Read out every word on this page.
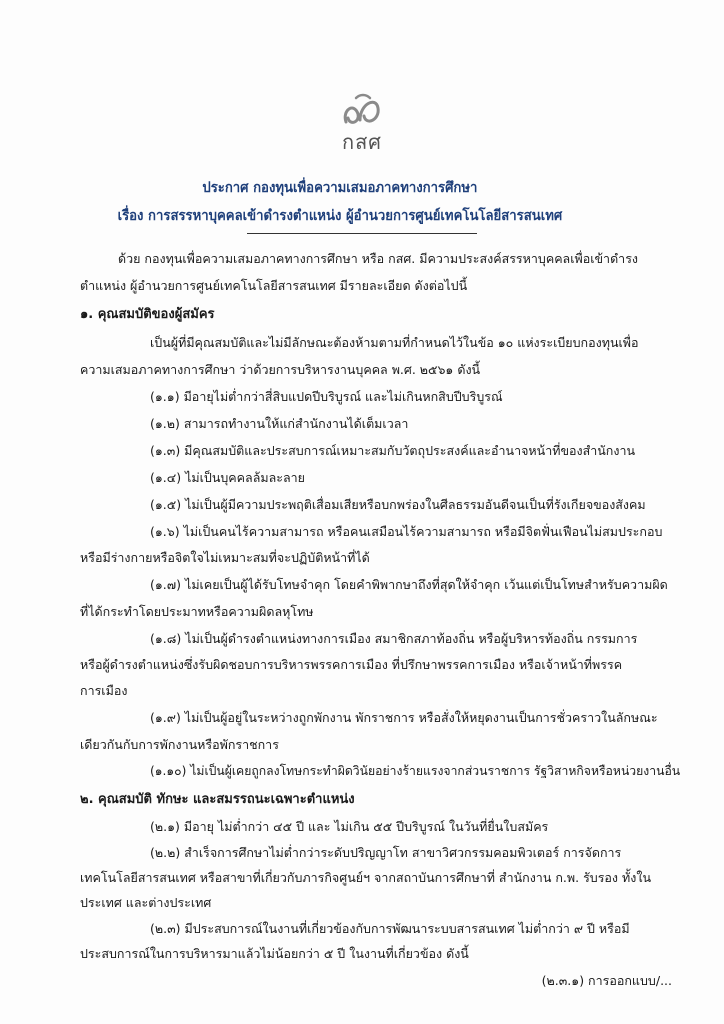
กสศ
ประกาศ กองทุนเพื่อความเสมอภาคทางการศึกษา
เรื่อง การสรรหาบุคคลเข้าดำรงตำแหน่ง ผู้อำนวยการศูนย์เทคโนโลยีสารสนเทศ
ด้วย กองทุนเพื่อความเสมอภาคทางการศึกษา หรือ กสศ. มีความประสงค์สรรหาบุคคลเพื่อเข้าดำรง
ตำแหน่ง ผู้อำนวยการศูนย์เทคโนโลยีสารสนเทศ มีรายละเอียด ดังต่อไปนี้
๑. คุณสมบัติของผู้สมัคร
เป็นผู้ที่มีคุณสมบัติและไม่มีลักษณะต้องห้ามตามที่กำหนดไว้ในข้อ ๑๐ แห่งระเบียบกองทุนเพื่อ
ความเสมอภาคทางการศึกษา ว่าด้วยการบริหารงานบุคคล พ.ศ. ๒๕๖๑ ดังนี้
(๑.๑) มีอายุไม่ต่ำกว่าสี่สิบแปดปีบริบูรณ์ และไม่เกินหกสิบปีบริบูรณ์
(๑.๒) สามารถทำงานให้แก่สำนักงานได้เต็มเวลา
(๑.๓) มีคุณสมบัติและประสบการณ์เหมาะสมกับวัตถุประสงค์และอำนาจหน้าที่ของสำนักงาน
(๑.๔) ไม่เป็นบุคคลล้มละลาย
(๑.๕) ไม่เป็นผู้มีความประพฤติเสื่อมเสียหรือบกพร่องในศีลธรรมอันดีจนเป็นที่รังเกียจของสังคม
(๑.๖) ไม่เป็นคนไร้ความสามารถ หรือคนเสมือนไร้ความสามารถ หรือมีจิตฟั่นเฟือนไม่สมประกอบ
หรือมีร่างกายหรือจิตใจไม่เหมาะสมที่จะปฏิบัติหน้าที่ได้
(๑.๗) ไม่เคยเป็นผู้ได้รับโทษจำคุก โดยคำพิพากษาถึงที่สุดให้จำคุก เว้นแต่เป็นโทษสำหรับความผิด
ที่ได้กระทำโดยประมาทหรือความผิดลหุโทษ
(๑.๘) ไม่เป็นผู้ดำรงตำแหน่งทางการเมือง สมาชิกสภาท้องถิ่น หรือผู้บริหารท้องถิ่น กรรมการ
หรือผู้ดำรงตำแหน่งซึ่งรับผิดชอบการบริหารพรรคการเมือง ที่ปรึกษาพรรคการเมือง หรือเจ้าหน้าที่พรรค
การเมือง
(๑.๙) ไม่เป็นผู้อยู่ในระหว่างถูกพักงาน พักราชการ หรือสั่งให้หยุดงานเป็นการชั่วคราวในลักษณะ
เดียวกันกับการพักงานหรือพักราชการ
(๑.๑๐) ไม่เป็นผู้เคยถูกลงโทษกระทำผิดวินัยอย่างร้ายแรงจากส่วนราชการ รัฐวิสาหกิจหรือหน่วยงานอื่น
๒. คุณสมบัติ ทักษะ และสมรรถนะเฉพาะตำแหน่ง
(๒.๑) มีอายุ ไม่ต่ำกว่า ๔๕ ปี และ ไม่เกิน ๕๕ ปีบริบูรณ์ ในวันที่ยื่นใบสมัคร
(๒.๒) สำเร็จการศึกษาไม่ต่ำกว่าระดับปริญญาโท สาขาวิศวกรรมคอมพิวเตอร์ การจัดการ
เทคโนโลยีสารสนเทศ หรือสาขาที่เกี่ยวกับภารกิจศูนย์ฯ จากสถาบันการศึกษาที่ สำนักงาน ก.พ. รับรอง ทั้งใน
ประเทศ และต่างประเทศ
(๒.๓) มีประสบการณ์ในงานที่เกี่ยวข้องกับการพัฒนาระบบสารสนเทศ ไม่ต่ำกว่า ๙ ปี หรือมี
ประสบการณ์ในการบริหารมาแล้วไม่น้อยกว่า ๕ ปี ในงานที่เกี่ยวข้อง ดังนี้
(๒.๓.๑) การออกแบบ/...
